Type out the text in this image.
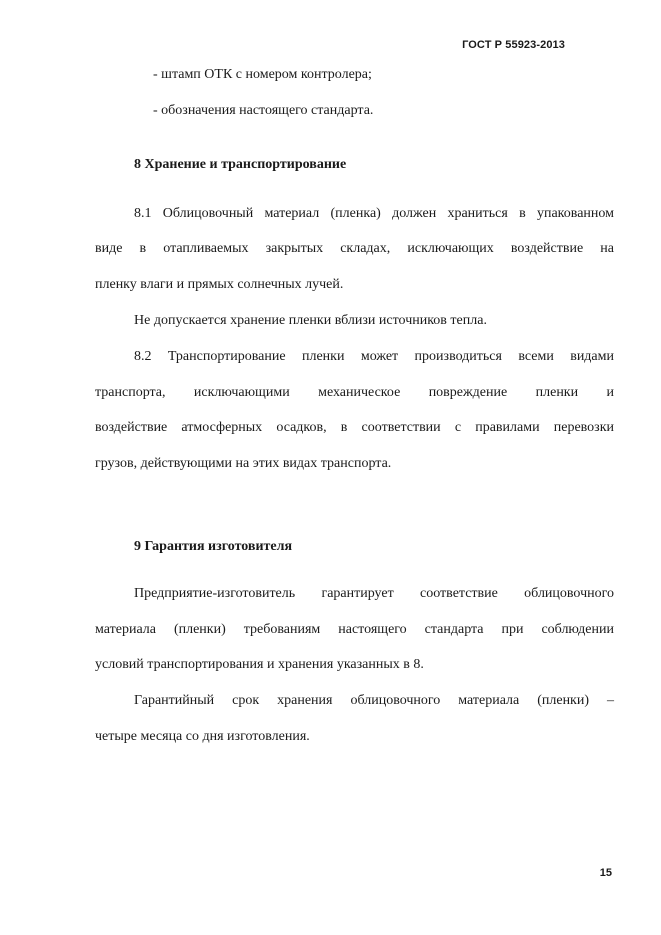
ГОСТ Р 55923-2013
- штамп ОТК с номером контролера;
- обозначения настоящего стандарта.
8 Хранение и транспортирование
8.1 Облицовочный материал (пленка) должен храниться в упакованном
виде в отапливаемых закрытых складах, исключающих воздействие на
пленку влаги и прямых солнечных лучей.
Не допускается хранение пленки вблизи источников тепла.
8.2 Транспортирование пленки может производиться всеми видами
транспорта, исключающими механическое повреждение пленки и
воздействие атмосферных осадков, в соответствии с правилами перевозки
грузов, действующими на этих видах транспорта.
9 Гарантия изготовителя
Предприятие-изготовитель гарантирует соответствие облицовочного
материала (пленки) требованиям настоящего стандарта при соблюдении
условий транспортирования и хранения указанных в 8.
Гарантийный срок хранения облицовочного материала (пленки) –
четыре месяца со дня изготовления.
15
